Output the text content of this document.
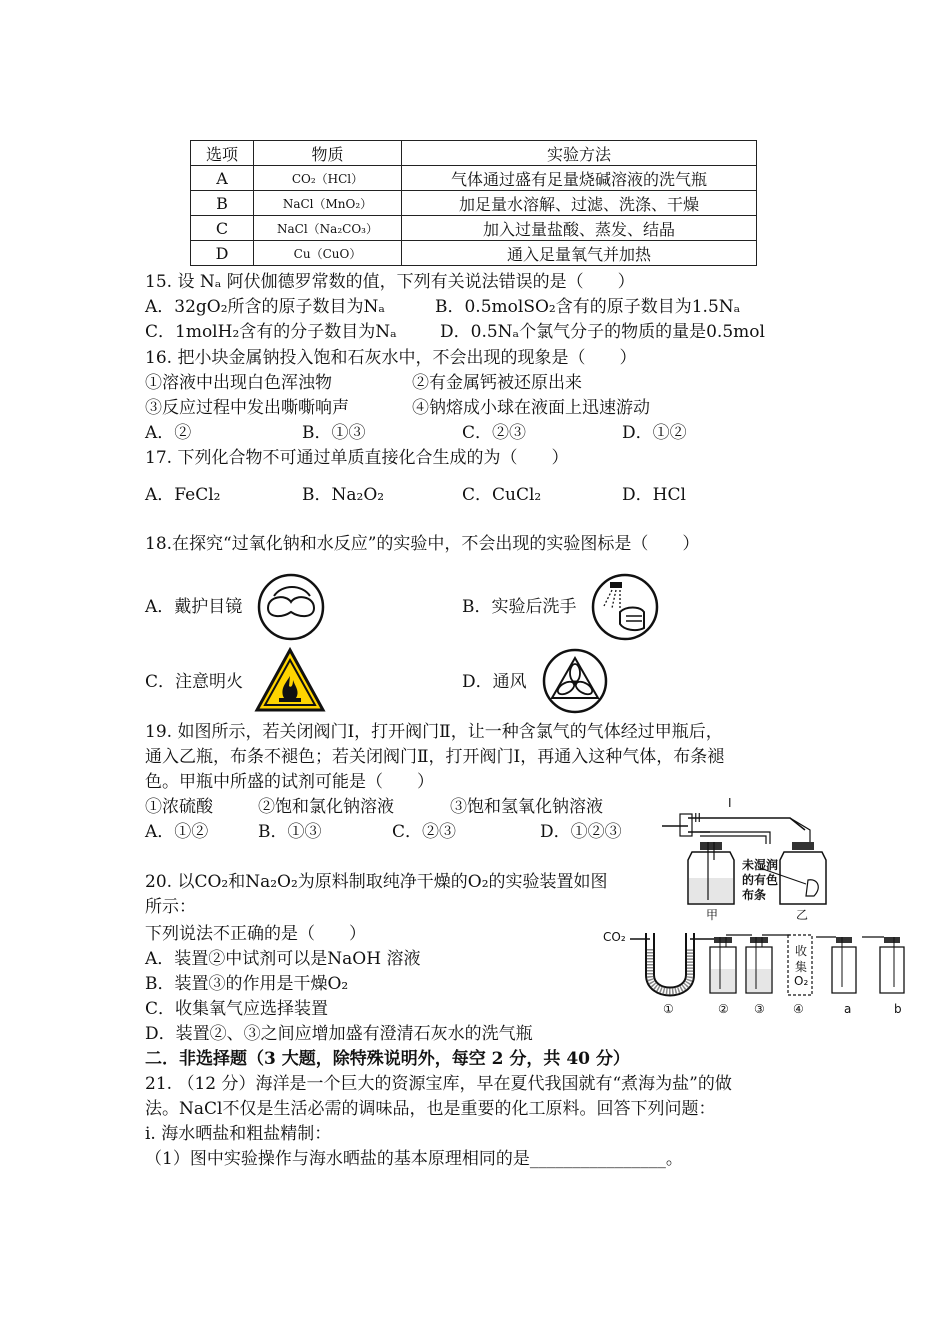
选项	物质	实验方法
A	CO₂（HCl）	气体通过盛有足量烧碱溶液的洗气瓶
B	NaCl（MnO₂）	加足量水溶解、过滤、洗涤、干燥
C	NaCl（Na₂CO₃）	加入过量盐酸、蒸发、结晶
D	Cu（CuO）	通入足量氧气并加热
15. 设 Nₐ 阿伏伽德罗常数的值，下列有关说法错误的是（　　）
A．32gO₂所含的原子数目为Nₐ	B．0.5molSO₂含有的原子数目为1.5Nₐ
C．1molH₂含有的分子数目为Nₐ	D．0.5Nₐ个氯气分子的物质的量是0.5mol
16. 把小块金属钠投入饱和石灰水中，不会出现的现象是（　　）
①溶液中出现白色浑浊物	②有金属钙被还原出来
③反应过程中发出嘶嘶响声	④钠熔成小球在液面上迅速游动
A．②	B．①③	C．②③	D．①②
17. 下列化合物不可通过单质直接化合生成的为（　　）
A．FeCl₂	B．Na₂O₂	C．CuCl₂	D．HCl
18.在探究“过氧化钠和水反应”的实验中，不会出现的实验图标是（　　）
A．戴护目镜	B．实验后洗手
C．注意明火	D．通风
19. 如图所示，若关闭阀门Ⅰ，打开阀门Ⅱ，让一种含氯气的气体经过甲瓶后，
通入乙瓶，布条不褪色；若关闭阀门Ⅱ，打开阀门Ⅰ，再通入这种气体，布条褪
色。甲瓶中所盛的试剂可能是（　　）
①浓硫酸	②饱和氯化钠溶液	③饱和氢氧化钠溶液
A．①②	B．①③	C．②③	D．①②③
I
II
未湿润
的有色
布条
甲	乙
20. 以CO₂和Na₂O₂为原料制取纯净干燥的O₂的实验装置如图
所示：
下列说法不正确的是（　　）
A．装置②中试剂可以是NaOH 溶液
B．装置③的作用是干燥O₂
C．收集氧气应选择装置
D．装置②、③之间应增加盛有澄清石灰水的洗气瓶
CO₂
①	② ③ ④	a	b
收
集
O₂
二．非选择题（3 大题，除特殊说明外，每空 2 分，共 40 分）
21. （12 分）海洋是一个巨大的资源宝库，早在夏代我国就有“煮海为盐”的做
法。NaCl不仅是生活必需的调味品，也是重要的化工原料。回答下列问题：
ⅰ. 海水晒盐和粗盐精制：
（1）图中实验操作与海水晒盐的基本原理相同的是________________。
